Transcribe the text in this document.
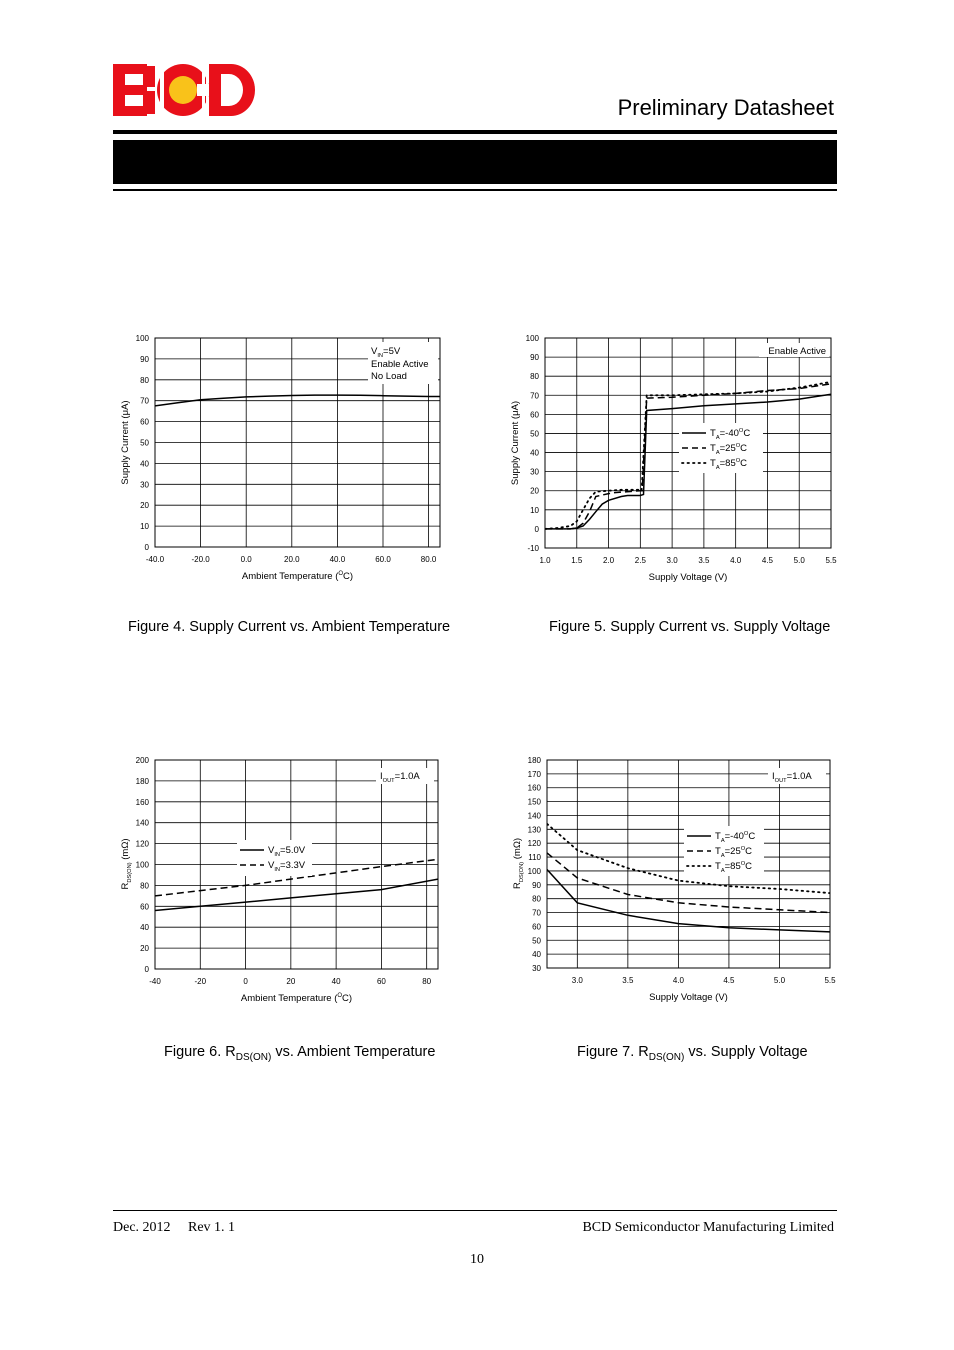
Preliminary Datasheet
0
10
20
30
40
50
60
70
80
90
100
-40.0	-20.0	0.0	20.0	40.0	60.0	80.0
Ambient Temperature ($^O$C)
Supply Current (μA)
$V_{IN}=5V$
Enable Active
No Load
-10
0
10
20
30
40
50
60
70
80
90
100
1.0	1.5	2.0	2.5	3.0	3.5	4.0	4.5	5.0	5.5
Supply Voltage (V)
Supply Current (μA)
Enable Active
$T_A=-40^OC$
$T_A=25^OC$
$T_A=85^OC$
0
20
40
60
80
100
120
140
160
180
200
-40	-20	0	20	40	60	80
Ambient Temperature ($^O$C)
$R_{DS(ON)}$ (mΩ)
$I_{OUT}=1.0A$
$V_{IN}=5.0V$
$V_{IN}=3.3V$
30
40
50
60
70
80
90
100
110
120
130
140
150
160
170
180
3.0	3.5	4.0	4.5	5.0	5.5
Supply Voltage (V)
$R_{DS(ON)}$ (mΩ)
$I_{OUT}=1.0A$
$T_A=-40^OC$
$T_A=25^OC$
$T_A=85^OC$
Figure 4. Supply Current vs. Ambient Temperature	Figure 5. Supply Current vs. Supply Voltage
Figure 6. $R_{DS(ON)}$ vs. Ambient Temperature	Figure 7. $R_{DS(ON)}$ vs. Supply Voltage
Dec. 2012 Rev 1. 1	BCD Semiconductor Manufacturing Limited
10
